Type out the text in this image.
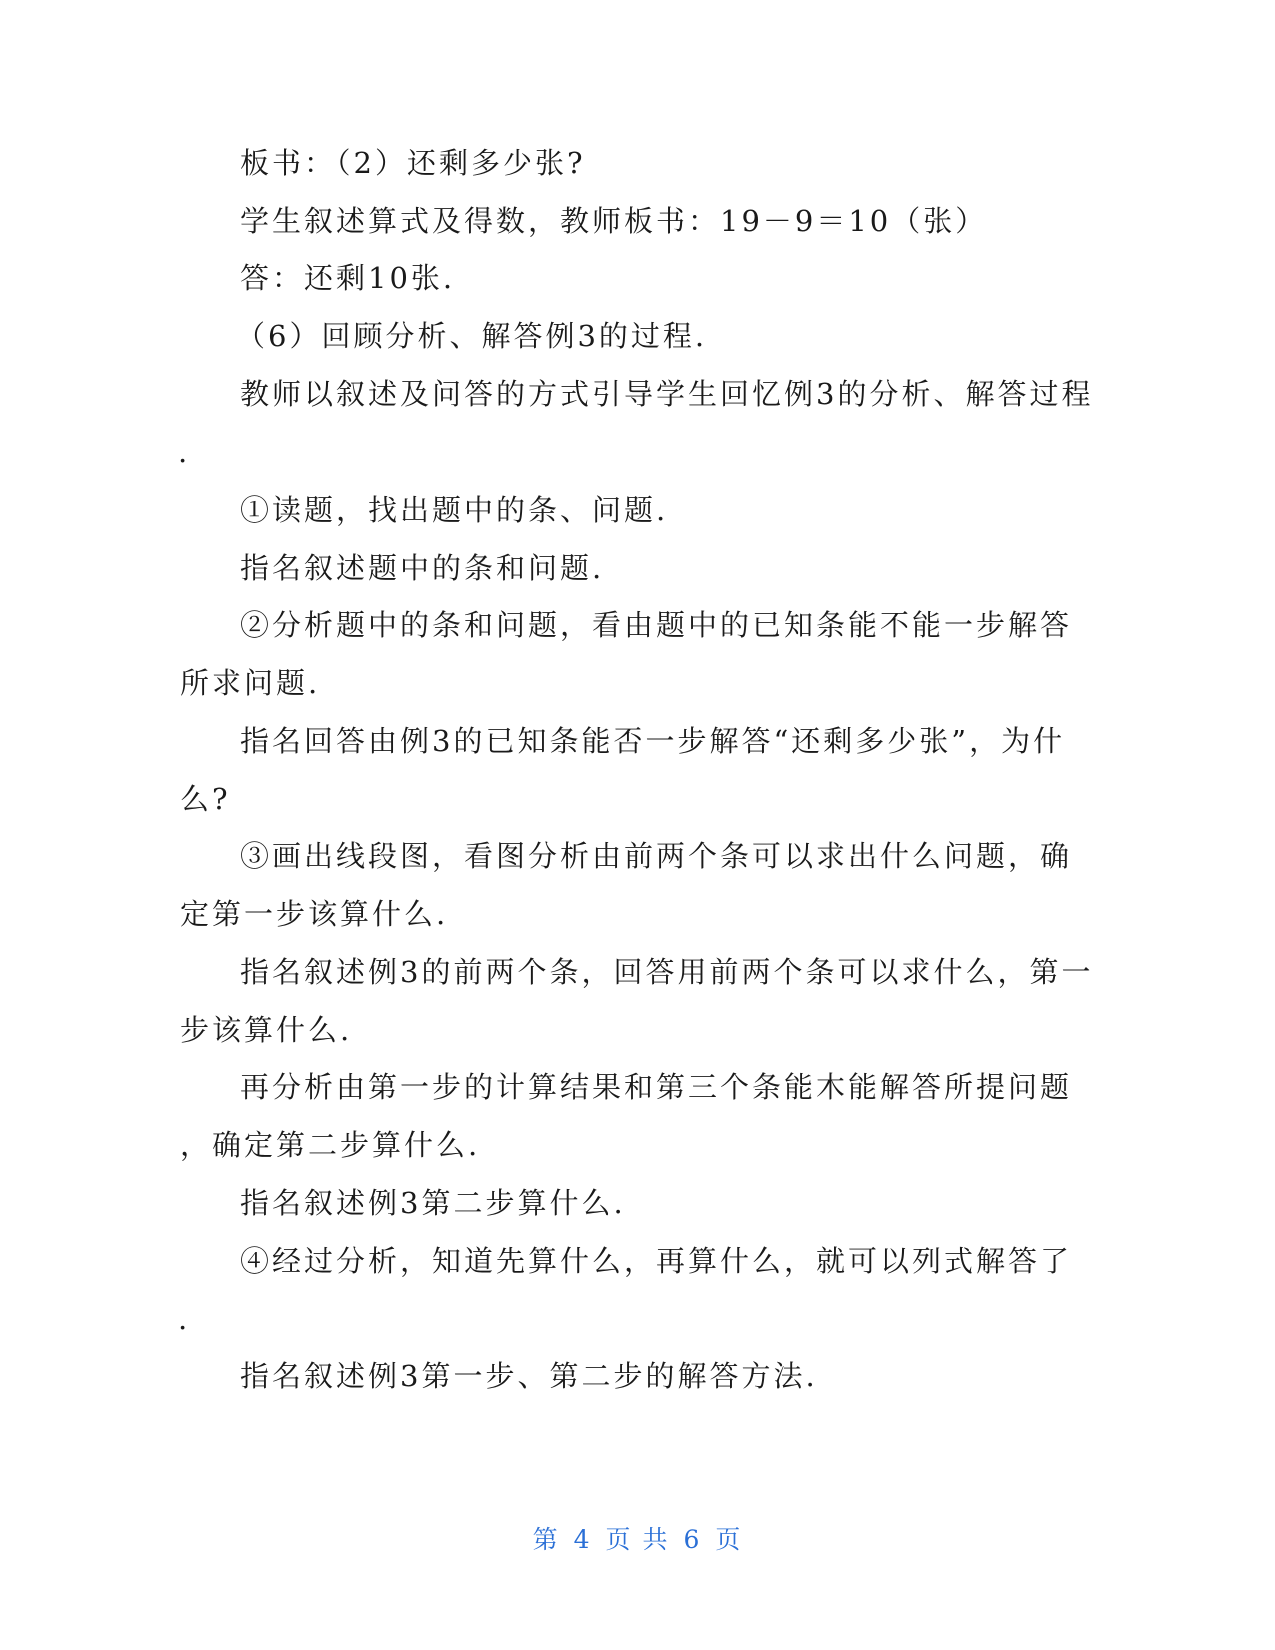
板书：（2）还剩多少张?
学生叙述算式及得数，教师板书：19－9＝10（张）
答：还剩10张.
（6）回顾分析、解答例3的过程.
教师以叙述及问答的方式引导学生回忆例3的分析、解答过程
.
①读题，找出题中的条、问题.
指名叙述题中的条和问题.
②分析题中的条和问题，看由题中的已知条能不能一步解答
所求问题.
指名回答由例3的已知条能否一步解答“还剩多少张”，为什
么?
③画出线段图，看图分析由前两个条可以求出什么问题，确
定第一步该算什么.
指名叙述例3的前两个条，回答用前两个条可以求什么，第一
步该算什么.
再分析由第一步的计算结果和第三个条能木能解答所提问题
，确定第二步算什么.
指名叙述例3第二步算什么.
④经过分析，知道先算什么，再算什么，就可以列式解答了
.
指名叙述例3第一步、第二步的解答方法.
第 4 页 共 6 页
